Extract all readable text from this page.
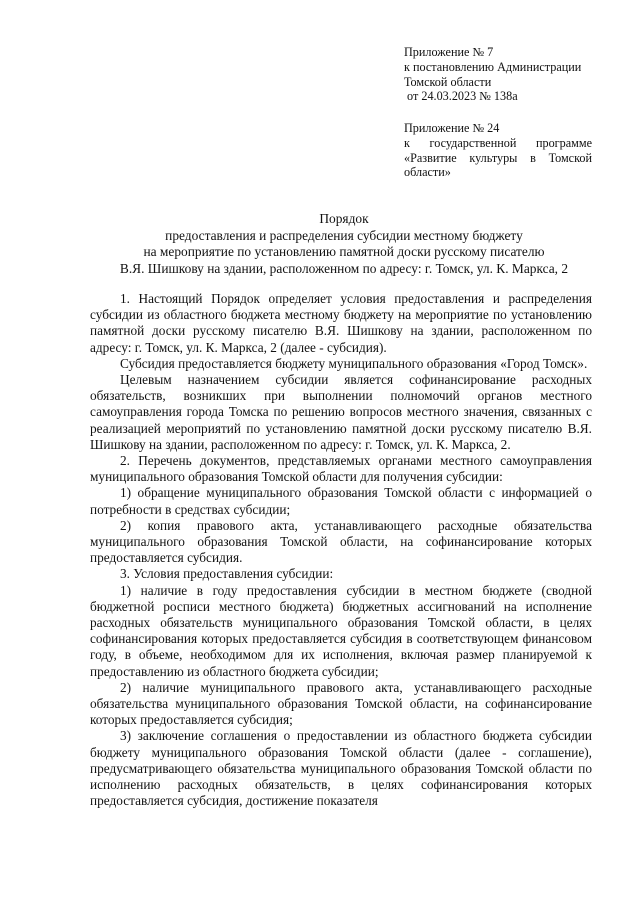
Приложение № 7
к постановлению Администрации
Томской области
от 24.03.2023 № 138а
Приложение № 24
к государственной программе
«Развитие культуры в Томской
области»
Порядок
предоставления и распределения субсидии местному бюджету
на мероприятие по установлению памятной доски русскому писателю
В.Я. Шишкову на здании, расположенном по адресу: г. Томск, ул. К. Маркса, 2

1. Настоящий Порядок определяет условия предоставления и распределения субсидии из областного бюджета местному бюджету на мероприятие по установлению памятной доски русскому писателю В.Я. Шишкову на здании, расположенном по адресу: г. Томск, ул. К. Маркса, 2 (далее - субсидия).

Субсидия предоставляется бюджету муниципального образования «Город Томск».

Целевым назначением субсидии является софинансирование расходных обязательств, возникших при выполнении полномочий органов местного самоуправления города Томска по решению вопросов местного значения, связанных с реализацией мероприятий по установлению памятной доски русскому писателю В.Я. Шишкову на здании, расположенном по адресу: г. Томск, ул. К. Маркса, 2.

2. Перечень документов, представляемых органами местного самоуправления муниципального образования Томской области для получения субсидии:

1) обращение муниципального образования Томской области с информацией о потребности в средствах субсидии;

2) копия правового акта, устанавливающего расходные обязательства муниципального образования Томской области, на софинансирование которых предоставляется субсидия.

3. Условия предоставления субсидии:

1) наличие в году предоставления субсидии в местном бюджете (сводной бюджетной росписи местного бюджета) бюджетных ассигнований на исполнение расходных обязательств муниципального образования Томской области, в целях софинансирования которых предоставляется субсидия в соответствующем финансовом году, в объеме, необходимом для их исполнения, включая размер планируемой к предоставлению из областного бюджета субсидии;

2) наличие муниципального правового акта, устанавливающего расходные обязательства муниципального образования Томской области, на софинансирование которых предоставляется субсидия;

3) заключение соглашения о предоставлении из областного бюджета субсидии бюджету муниципального образования Томской области (далее - соглашение), предусматривающего обязательства муниципального образования Томской области по исполнению расходных обязательств, в целях софинансирования которых предоставляется субсидия, достижение показателя
